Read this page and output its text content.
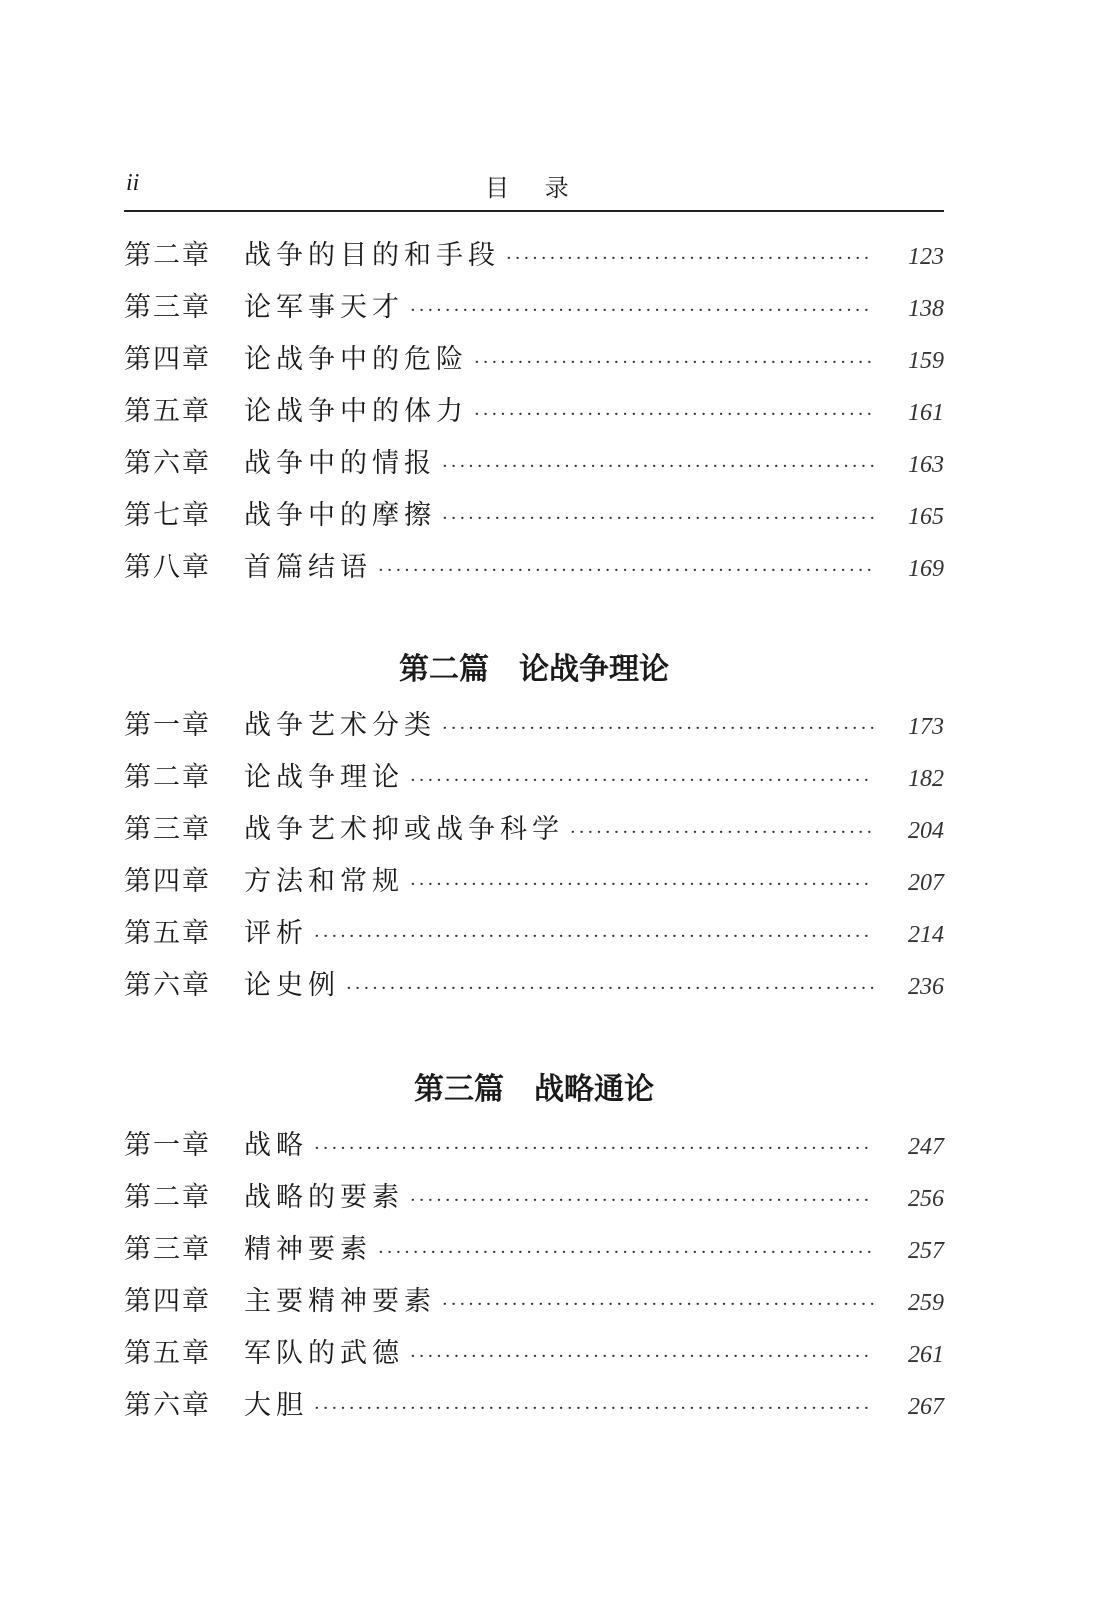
ii	目 录
第二章	战争的目的和手段 ·····	123
第三章	论军事天才 ·····	138
第四章	论战争中的危险 ·····	159
第五章	论战争中的体力 ·····	161
第六章	战争中的情报 ·····	163
第七章	战争中的摩擦 ·····	165
第八章	首篇结语 ·····	169
第二篇　论战争理论
第一章	战争艺术分类 ·····	173
第二章	论战争理论 ·····	182
第三章	战争艺术抑或战争科学 ·····	204
第四章	方法和常规 ·····	207
第五章	评析 ·····	214
第六章	论史例 ·····	236
第三篇　战略通论
第一章	战略 ·····	247
第二章	战略的要素 ·····	256
第三章	精神要素 ·····	257
第四章	主要精神要素 ·····	259
第五章	军队的武德 ·····	261
第六章	大胆 ·····	267
